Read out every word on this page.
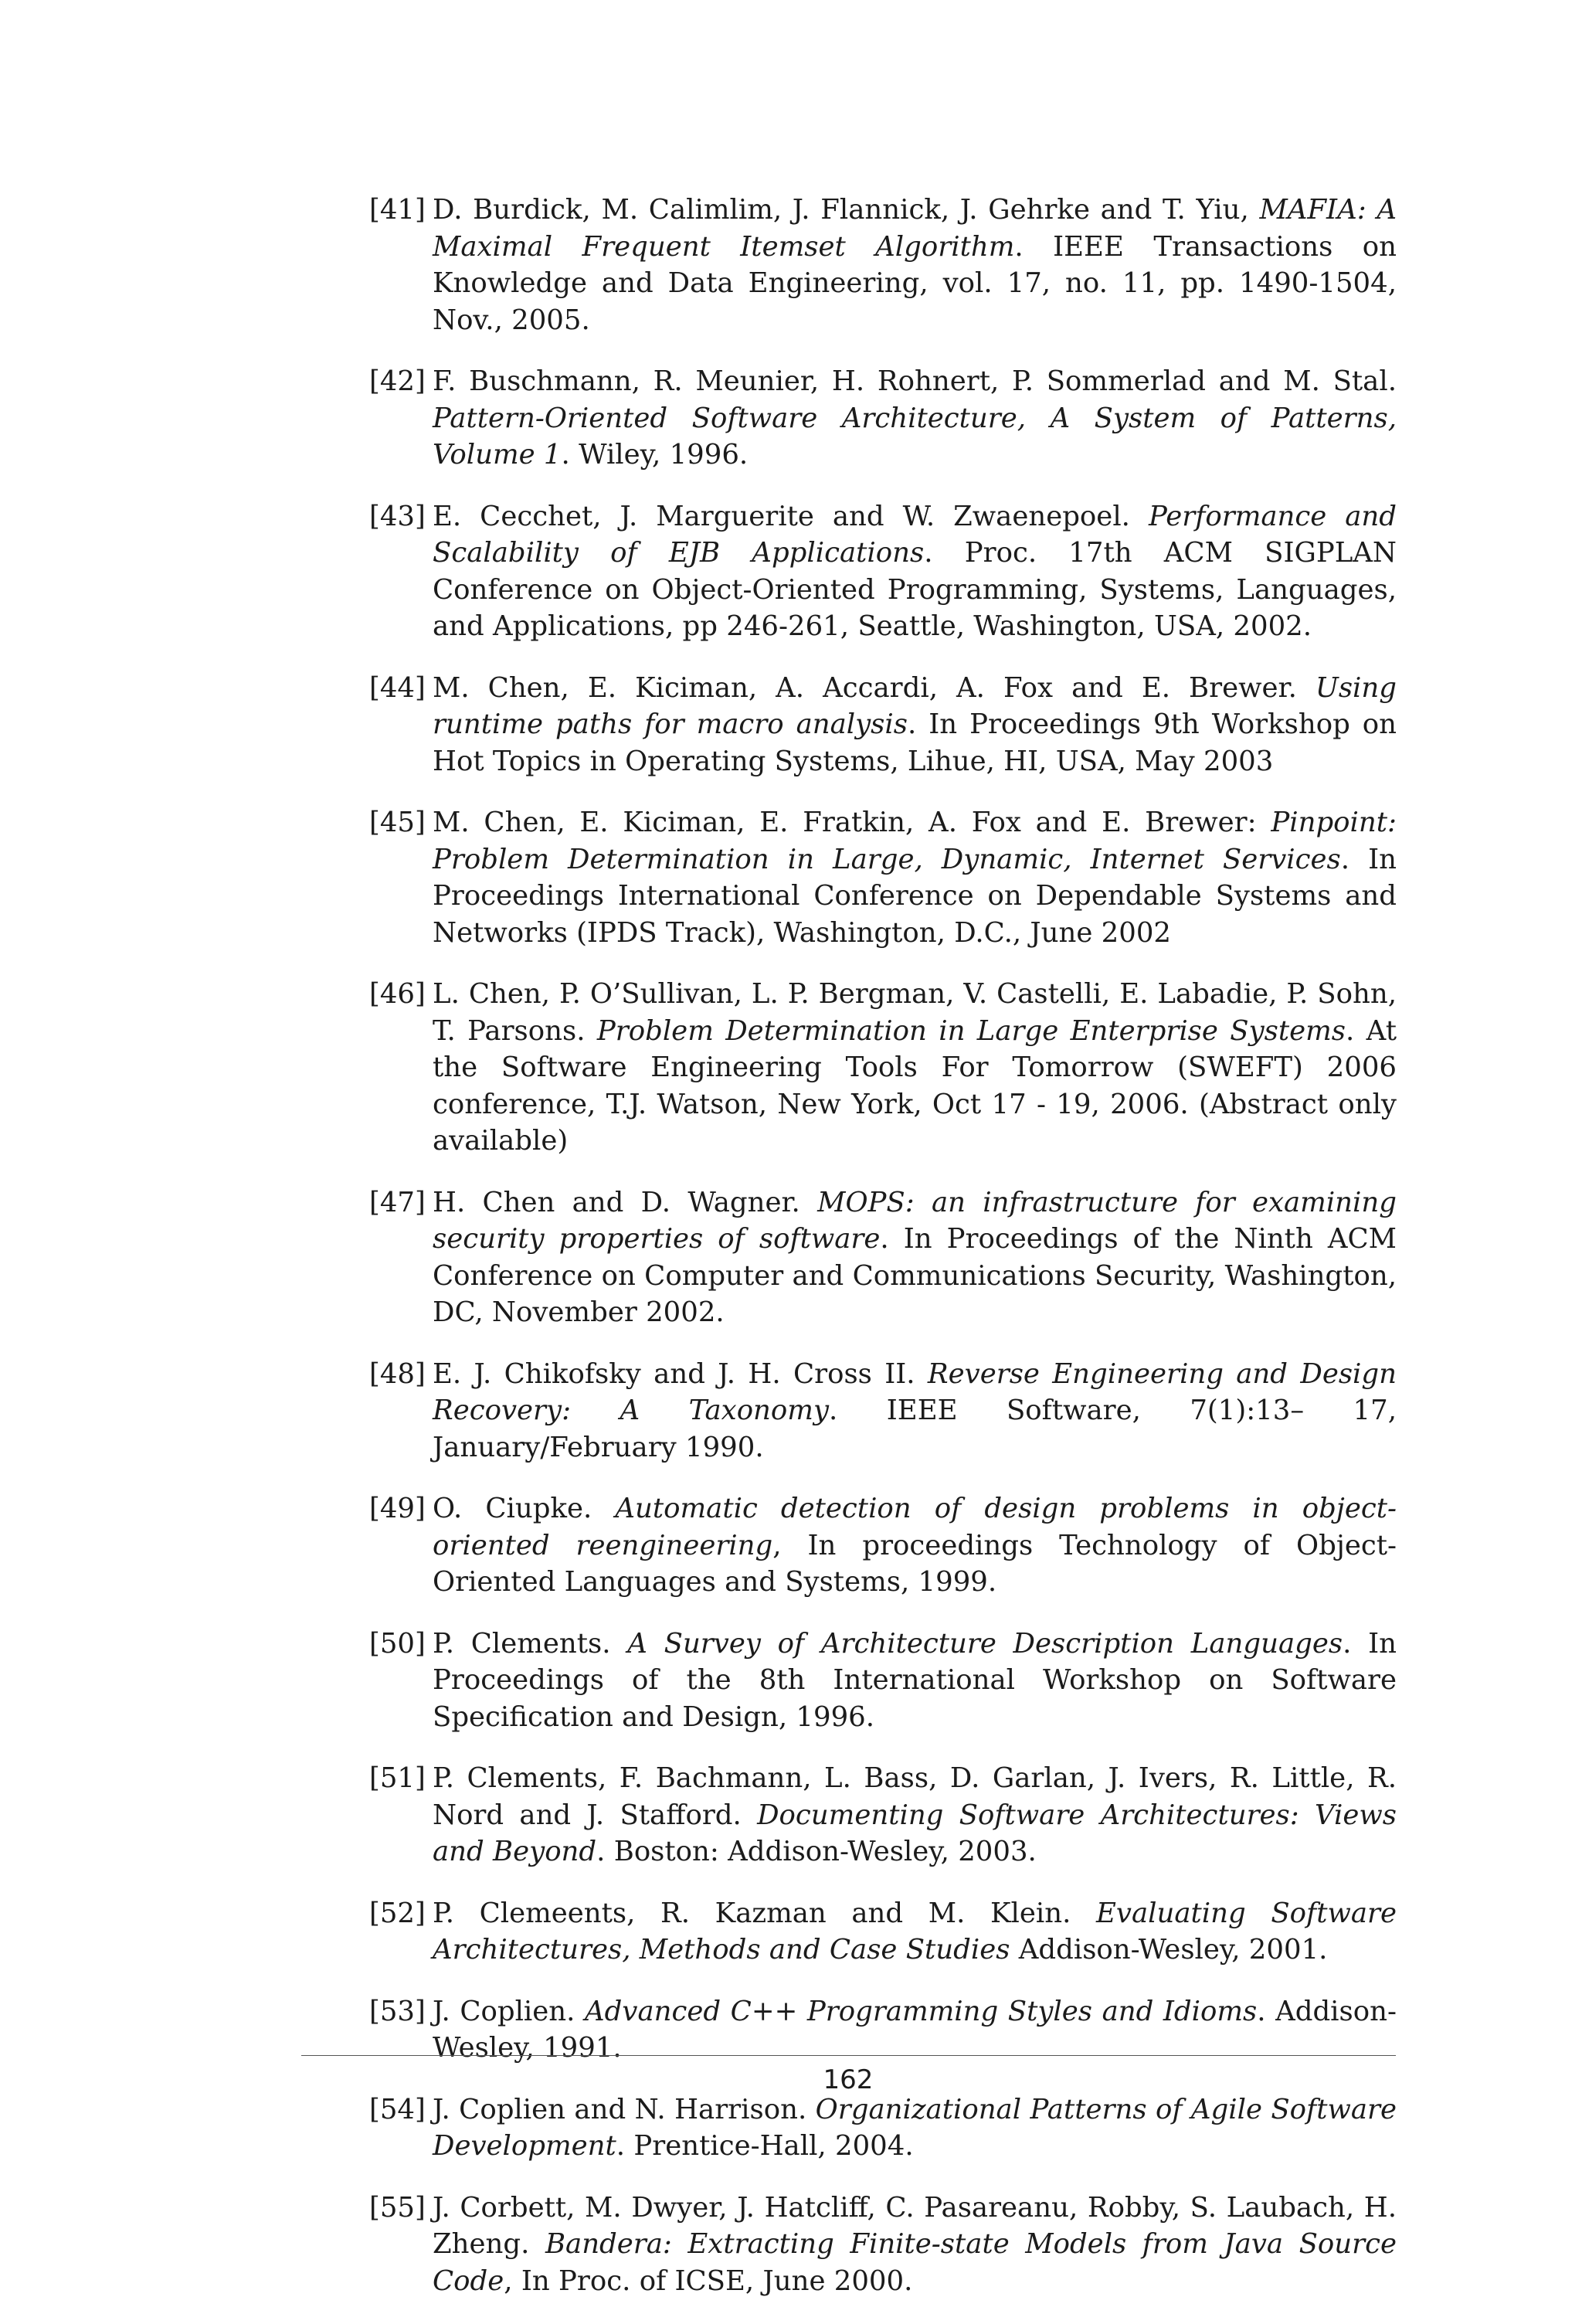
[41] D. Burdick, M. Calimlim, J. Flannick, J. Gehrke and T. Yiu, MAFIA: A Maximal Frequent Itemset Algorithm. IEEE Transactions on Knowledge and Data Engineering, vol. 17, no. 11, pp. 1490-1504, Nov., 2005.
[42] F. Buschmann, R. Meunier, H. Rohnert, P. Sommerlad and M. Stal. Pattern-Oriented Software Architecture, A System of Patterns, Volume 1. Wiley, 1996.
[43] E. Cecchet, J. Marguerite and W. Zwaenepoel. Performance and Scalability of EJB Applications. Proc. 17th ACM SIGPLAN Conference on Object-Oriented Programming, Systems, Languages, and Applications, pp 246-261, Seattle, Washington, USA, 2002.
[44] M. Chen, E. Kiciman, A. Accardi, A. Fox and E. Brewer. Using runtime paths for macro analysis. In Proceedings 9th Workshop on Hot Topics in Operating Systems, Lihue, HI, USA, May 2003
[45] M. Chen, E. Kiciman, E. Fratkin, A. Fox and E. Brewer: Pinpoint: Problem Determination in Large, Dynamic, Internet Services. In Proceedings International Conference on Dependable Systems and Networks (IPDS Track), Washington, D.C., June 2002
[46] L. Chen, P. O’Sullivan, L. P. Bergman, V. Castelli, E. Labadie, P. Sohn, T. Parsons. Problem Determination in Large Enterprise Systems. At the Software Engineering Tools For Tomorrow (SWEFT) 2006 conference, T.J. Watson, New York, Oct 17 - 19, 2006. (Abstract only available)
[47] H. Chen and D. Wagner. MOPS: an infrastructure for examining security properties of software. In Proceedings of the Ninth ACM Conference on Computer and Communications Security, Washington, DC, November 2002.
[48] E. J. Chikofsky and J. H. Cross II. Reverse Engineering and Design Recovery: A Taxonomy. IEEE Software, 7(1):13– 17, January/February 1990.
[49] O. Ciupke. Automatic detection of design problems in object-oriented reengineering, In proceedings Technology of Object-Oriented Languages and Systems, 1999.
[50] P. Clements. A Survey of Architecture Description Languages. In Proceedings of the 8th International Workshop on Software Specification and Design, 1996.
[51] P. Clements, F. Bachmann, L. Bass, D. Garlan, J. Ivers, R. Little, R. Nord and J. Stafford. Documenting Software Architectures: Views and Beyond. Boston: Addison-Wesley, 2003.
[52] P. Clemeents, R. Kazman and M. Klein. Evaluating Software Architectures, Methods and Case Studies Addison-Wesley, 2001.
[53] J. Coplien. Advanced C++ Programming Styles and Idioms. Addison-Wesley, 1991.
[54] J. Coplien and N. Harrison. Organizational Patterns of Agile Software Development. Prentice-Hall, 2004.
[55] J. Corbett, M. Dwyer, J. Hatcliff, C. Pasareanu, Robby, S. Laubach, H. Zheng. Bandera: Extracting Finite-state Models from Java Source Code, In Proc. of ICSE, June 2000.
162
